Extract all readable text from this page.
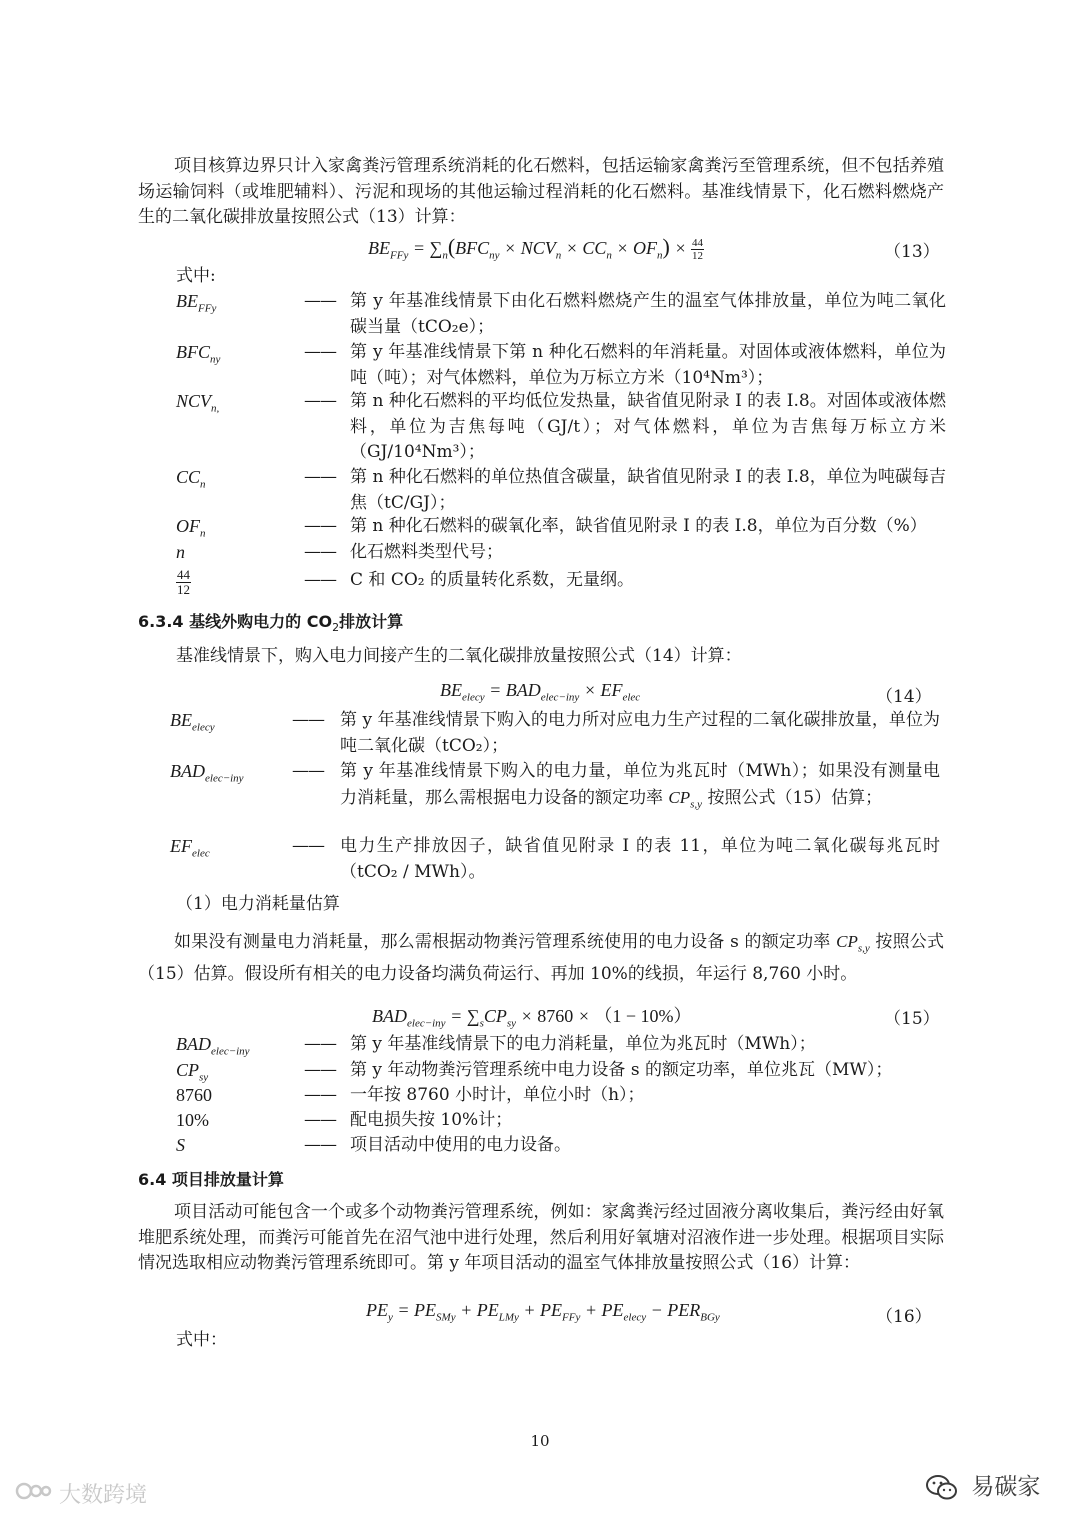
项目核算边界只计入家禽粪污管理系统消耗的化石燃料，包括运输家禽粪污至管理系统，但不包括养殖场运输饲料（或堆肥辅料）、污泥和现场的其他运输过程消耗的化石燃料。基准线情景下，化石燃料燃烧产生的二氧化碳排放量按照公式（13）计算：

$BE_{FFy} = \sum_n(BFC_{ny} \times NCV_n \times CC_n \times OF_n) \times \frac{44}{12}$	（13）
式中:
$BE_{FFy}$	—— 第 y 年基准线情景下由化石燃料燃烧产生的温室气体排放量，单位为吨二氧化碳当量（tCO₂e）；
$BFC_{ny}$	—— 第 y 年基准线情景下第 n 种化石燃料的年消耗量。对固体或液体燃料，单位为吨（吨）；对气体燃料，单位为万标立方米（10⁴Nm³）；
$NCV_{n,}$	—— 第 n 种化石燃料的平均低位发热量，缺省值见附录 I 的表 I.8。对固体或液体燃料，单位为吉焦每吨（GJ/t）；对气体燃料，单位为吉焦每万标立方米（GJ/10⁴Nm³）；
$CC_n$	—— 第 n 种化石燃料的单位热值含碳量，缺省值见附录 I 的表 I.8，单位为吨碳每吉焦（tC/GJ）；
$OF_n$	—— 第 n 种化石燃料的碳氧化率，缺省值见附录 I 的表 I.8，单位为百分数（%）
n	—— 化石燃料类型代号；
$\frac{44}{12}$	—— C 和 CO₂ 的质量转化系数，无量纲。
6.3.4 基线外购电力的 $CO_2$排放计算

基准线情景下，购入电力间接产生的二氧化碳排放量按照公式（14）计算：

$BE_{elecy} = BAD_{elec-iny} \times EF_{elec}$	（14）
$BE_{elecy}$	—— 第 y 年基准线情景下购入的电力所对应电力生产过程的二氧化碳排放量，单位为吨二氧化碳（tCO₂）；
$BAD_{elec-iny}$	—— 第 y 年基准线情景下购入的电力量，单位为兆瓦时（MWh）；如果没有测量电力消耗量，那么需根据电力设备的额定功率 $CP_{s,y}$ 按照公式（15）估算；
$EF_{elec}$	—— 电力生产排放因子，缺省值见附录 I 的表 11，单位为吨二氧化碳每兆瓦时（tCO₂ / MWh）。
（1）电力消耗量估算

如果没有测量电力消耗量，那么需根据动物粪污管理系统使用的电力设备 s 的额定功率 $CP_{s,y}$ 按照公式（15）估算。假设所有相关的电力设备均满负荷运行、再加 10%的线损，年运行 8,760 小时。

$BAD_{elec-iny} = \sum_sCP_{sy} \times 8760 \times (1 - 10\%)$	（15）
$BAD_{elec-iny}$	—— 第 y 年基准线情景下的电力消耗量，单位为兆瓦时（MWh）；
$CP_{sy}$	—— 第 y 年动物粪污管理系统中电力设备 s 的额定功率，单位兆瓦（MW）；
8760	—— 一年按 8760 小时计，单位小时（h）；
10%	—— 配电损失按 10%计；
S	—— 项目活动中使用的电力设备。
6.4 项目排放量计算

项目活动可能包含一个或多个动物粪污管理系统，例如：家禽粪污经过固液分离收集后，粪污经由好氧堆肥系统处理，而粪污可能首先在沼气池中进行处理，然后利用好氧塘对沼液作进一步处理。根据项目实际情况选取相应动物粪污管理系统即可。第 y 年项目活动的温室气体排放量按照公式（16）计算：

$PE_y = PE_{SMy} + PE_{LMy} + PE_{FFy} + PE_{elecy} - PER_{BGy}$	（16）
式中：
10
大数跨境	易碳家
